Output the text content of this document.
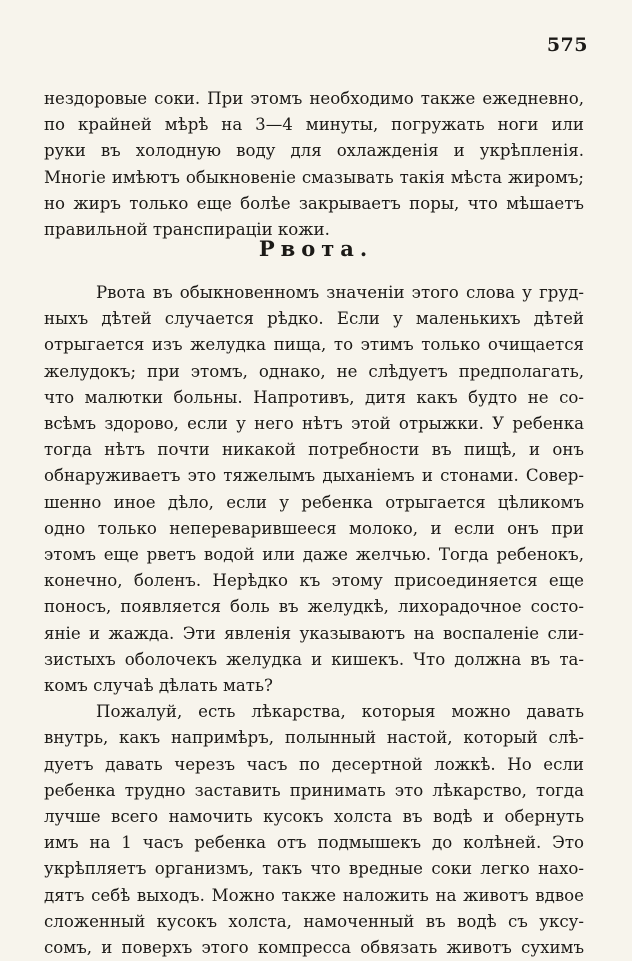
575
нездоровые соки. При этомъ необходимо также ежедневно,
по крайней мѣрѣ на 3—4 минуты, погружать ноги или
руки въ холодную воду для охлажденія и укрѣпленія.
Многіе имѣютъ обыкновеніе смазывать такія мѣста жиромъ;
но жиръ только еще болѣе закрываетъ поры, что мѣшаетъ
правильной транспираціи кожи.
Рвота.
Рвота въ обыкновенномъ значеніи этого слова у груд-
ныхъ дѣтей случается рѣдко. Если у маленькихъ дѣтей
отрыгается изъ желудка пища, то этимъ только очищается
желудокъ; при этомъ, однако, не слѣдуетъ предполагать,
что малютки больны. Напротивъ, дитя какъ будто не со-
всѣмъ здорово, если у него нѣтъ этой отрыжки. У ребенка
тогда нѣтъ почти никакой потребности въ пищѣ, и онъ
обнаруживаетъ это тяжелымъ дыханіемъ и стонами. Совер-
шенно иное дѣло, если у ребенка отрыгается цѣликомъ
одно только непереварившееся молоко, и если онъ при
этомъ еще рветъ водой или даже желчью. Тогда ребенокъ,
конечно, боленъ. Нерѣдко къ этому присоединяется еще
поносъ, появляется боль въ желудкѣ, лихорадочное состо-
яніе и жажда. Эти явленія указываютъ на воспаленіе сли-
зистыхъ оболочекъ желудка и кишекъ. Что должна въ та-
комъ случаѣ дѣлать мать?
Пожалуй, есть лѣкарства, которыя можно давать
внутрь, какъ напримѣръ, полынный настой, который слѣ-
дуетъ давать черезъ часъ по десертной ложкѣ. Но если
ребенка трудно заставить принимать это лѣкарство, тогда
лучше всего намочить кусокъ холста въ водѣ и обернуть
имъ на 1 часъ ребенка отъ подмышекъ до колѣней. Это
укрѣпляетъ организмъ, такъ что вредные соки легко нахо-
дятъ себѣ выходъ. Можно также наложить на животъ вдвое
сложенный кусокъ холста, намоченный въ водѣ съ уксу-
сомъ, и поверхъ этого компресса обвязать животъ сухимъ
